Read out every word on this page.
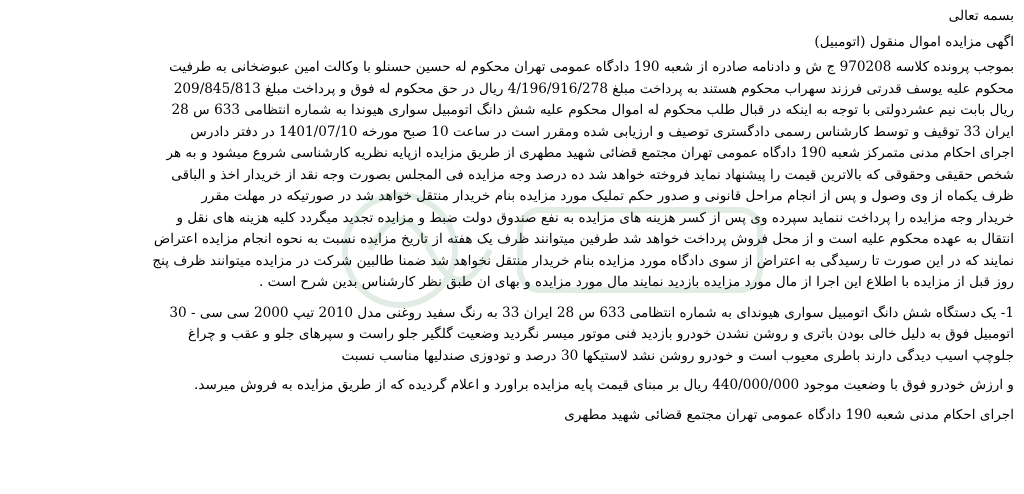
بسمه تعالی
اگهی مزایده اموال منقول (اتومبیل)
بموجب پرونده کلاسه 970208 ج ش و دادنامه صادره از شعبه 190 دادگاه عمومی تهران محکوم له حسین حسنلو با وکالت امین عبوضخانی به طرفیت
محکوم علیه یوسف قدرتی فرزند سهراب محکوم هستند به پرداخت مبلغ 4/196/916/278 ریال در حق محکوم له فوق و پرداخت مبلغ 209/845/813
ریال بابت نیم عشردولتی با توجه به اینکه در قبال طلب محکوم له اموال محکوم علیه شش دانگ اتومبیل سواری هیوندا به شماره انتظامی 633 س 28
ایران 33 توقیف و توسط کارشناس رسمی دادگستری توصیف و ارزیابی شده ومقرر است در ساعت 10 صبح مورخه 1401/07/10 در دفتر دادرس
اجرای احکام مدنی متمرکز شعبه 190 دادگاه عمومی تهران مجتمع قضائی شهید مطهری از طریق مزایده ازپایه نظریه کارشناسی شروع میشود و به هر
شخص حقیقی وحقوقی که بالاترین قیمت را پیشنهاد نماید فروخته خواهد شد ده درصد وجه مزایده فی المجلس بصورت وجه نقد از خریدار اخذ و الباقی
ظرف یکماه از وی وصول و پس از انجام مراحل قانونی و صدور حکم تملیک مورد مزایده بنام خریدار منتقل خواهد شد در صورتیکه در مهلت مقرر
خریدار وجه مزایده را پرداخت ننماید سپرده وی پس از کسر هزینه های مزایده به نفع صندوق دولت ضبط و مزایده تجدید میگردد کلیه هزینه های نقل و
انتقال به عهده محکوم علیه است و از محل فروش پرداخت خواهد شد طرفین میتوانند ظرف یک هفته از تاریخ مزایده نسبت به نحوه انجام مزایده اعتراض
نمایند که در این صورت تا رسیدگی به اعتراض از سوی دادگاه مورد مزایده بنام خریدار منتقل نخواهد شد ضمنا طالبین شرکت در مزایده میتوانند ظرف پنج
روز قبل از مزایده با اطلاع این اجرا از مال مورد مزایده بازدید نمایند مال مورد مزایده و بهای ان طبق نظر کارشناس بدین شرح است .
1- یک دستگاه شش دانگ اتومبیل سواری هیوندای به شماره انتظامی 633 س 28 ایران 33 به رنگ سفید روغنی مدل 2010 تیپ 2000 سی سی - 30
اتومبیل فوق به دلیل خالی بودن باتری و روشن نشدن خودرو بازدید فنی موتور میسر نگردید وضعیت گلگیر جلو راست و سپرهای جلو و عقب و چراغ
جلوچپ اسیب دیدگی دارند باطری معیوب است و خودرو روشن نشد لاستیکها 30 درصد و تودوزی صندلیها مناسب نسبت
و ارزش خودرو فوق با وضعیت موجود 440/000/000 ریال بر مبنای قیمت پایه مزایده براورد و اعلام گردیده که از طریق مزایده به فروش میرسد.
اجرای احکام مدنی شعبه 190 دادگاه عمومی تهران مجتمع قضائی شهید مطهری
